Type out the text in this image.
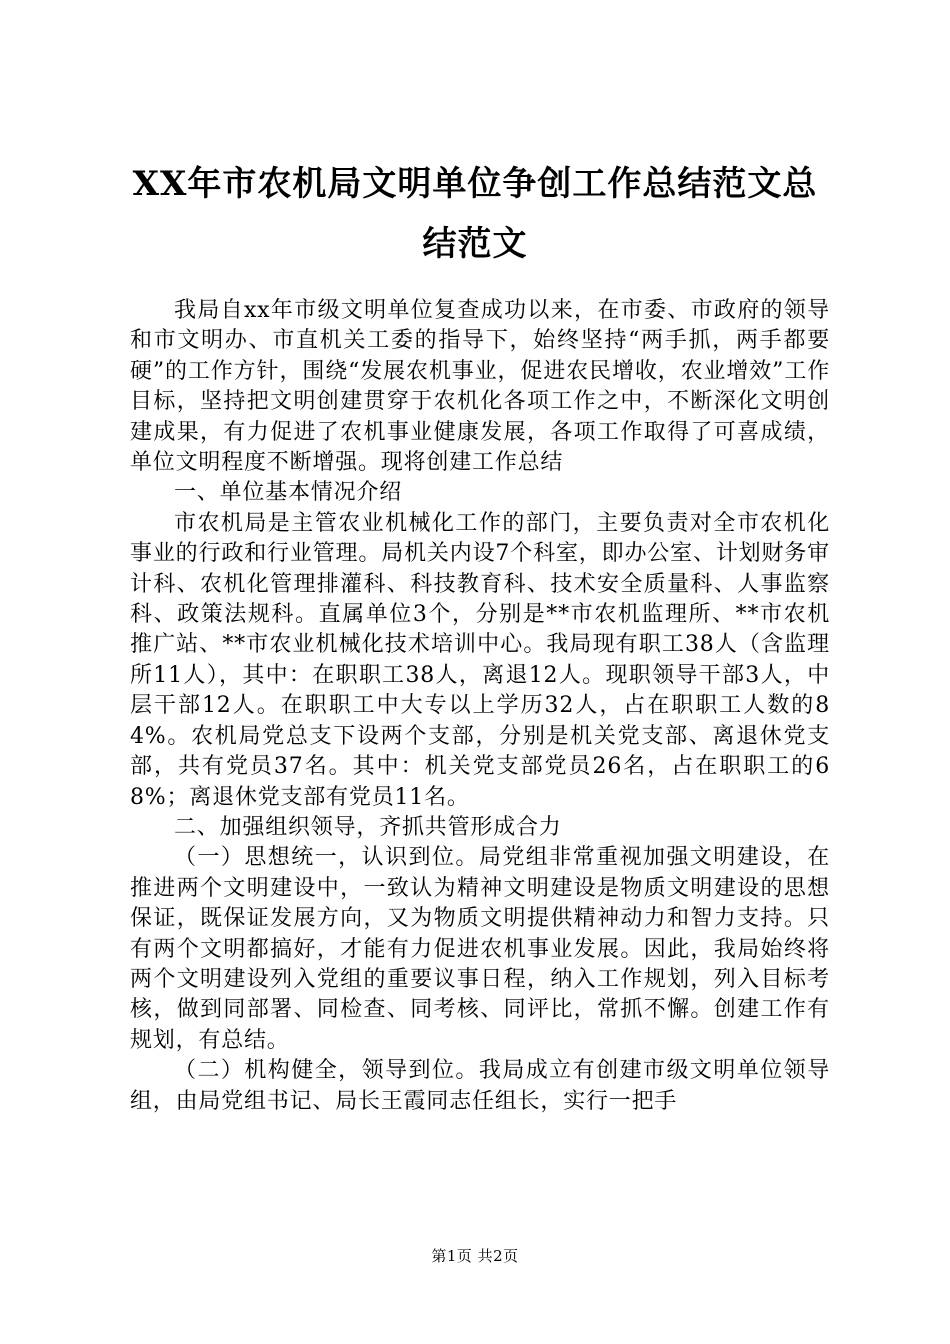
XX年市农机局文明单位争创工作总结范文总
结范文

我局自xx年市级文明单位复查成功以来，在市委、市政府的领导和市文明办、市直机关工委的指导下，始终坚持“两手抓，两手都要硬”的工作方针，围绕“发展农机事业，促进农民增收，农业增效”工作目标，坚持把文明创建贯穿于农机化各项工作之中，不断深化文明创建成果，有力促进了农机事业健康发展，各项工作取得了可喜成绩，单位文明程度不断增强。现将创建工作总结

一、单位基本情况介绍

市农机局是主管农业机械化工作的部门，主要负责对全市农机化事业的行政和行业管理。局机关内设7个科室，即办公室、计划财务审计科、农机化管理排灌科、科技教育科、技术安全质量科、人事监察科、政策法规科。直属单位3个，分别是**市农机监理所、**市农机推广站、**市农业机械化技术培训中心。我局现有职工38人（含监理所11人），其中：在职职工38人，离退12人。现职领导干部3人，中层干部12人。在职职工中大专以上学历32人，占在职职工人数的84%。农机局党总支下设两个支部，分别是机关党支部、离退休党支部，共有党员37名。其中：机关党支部党员26名，占在职职工的68%；离退休党支部有党员11名。

二、加强组织领导，齐抓共管形成合力

（一）思想统一，认识到位。局党组非常重视加强文明建设，在推进两个文明建设中，一致认为精神文明建设是物质文明建设的思想保证，既保证发展方向，又为物质文明提供精神动力和智力支持。只有两个文明都搞好，才能有力促进农机事业发展。因此，我局始终将两个文明建设列入党组的重要议事日程，纳入工作规划，列入目标考核，做到同部署、同检查、同考核、同评比，常抓不懈。创建工作有规划，有总结。

（二）机构健全，领导到位。我局成立有创建市级文明单位领导组，由局党组书记、局长王霞同志任组长，实行一把手

第1页 共2页
